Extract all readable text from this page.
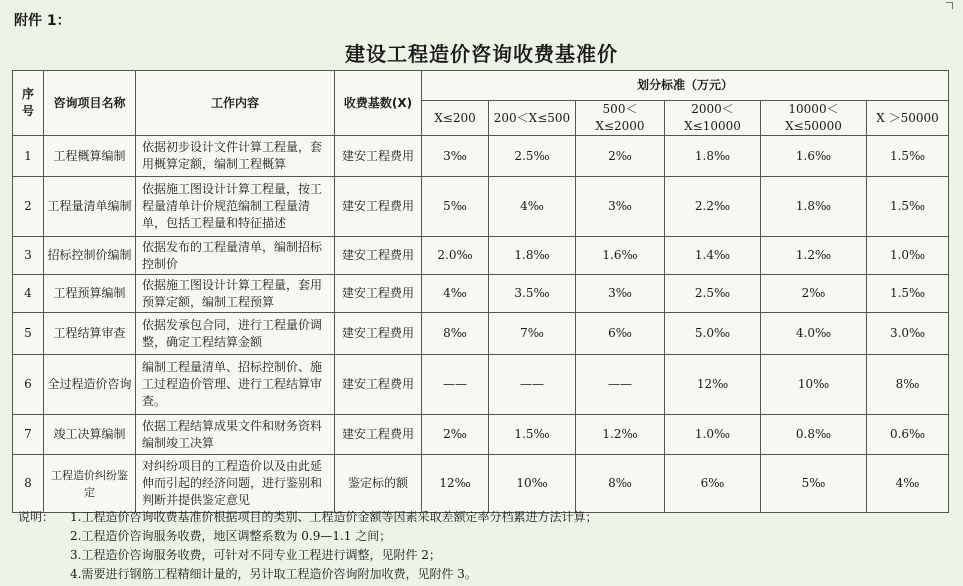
附件 1：
建设工程造价咨询收费基准价
序号	咨询项目名称	工作内容	收费基数(X)	划分标准（万元）					
				X≤200	200＜X≤500	500＜X≤2000	2000＜X≤10000	10000＜X≤50000	X ＞50000
1	工程概算编制	依据初步设计文件计算工程量，套用概算定额，编制工程概算	建安工程费用	3‰	2.5‰	2‰	1.8‰	1.6‰	1.5‰
2	工程量清单编制	依据施工图设计计算工程量，按工程量清单计价规范编制工程量清单，包括工程量和特征描述	建安工程费用	5‰	4‰	3‰	2.2‰	1.8‰	1.5‰
3	招标控制价编制	依据发布的工程量清单，编制招标控制价	建安工程费用	2.0‰	1.8‰	1.6‰	1.4‰	1.2‰	1.0‰
4	工程预算编制	依据施工图设计计算工程量，套用预算定额，编制工程预算	建安工程费用	4‰	3.5‰	3‰	2.5‰	2‰	1.5‰
5	工程结算审查	依据发承包合同，进行工程量价调整，确定工程结算金额	建安工程费用	8‰	7‰	6‰	5.0‰	4.0‰	3.0‰
6	全过程造价咨询	编制工程量清单、招标控制价、施工过程造价管理、进行工程结算审查。	建安工程费用	——	——	——	12‰	10‰	8‰
7	竣工决算编制	依据工程结算成果文件和财务资料编制竣工决算	建安工程费用	2‰	1.5‰	1.2‰	1.0‰	0.8‰	0.6‰
8	工程造价纠纷鉴定	对纠纷项目的工程造价以及由此延伸而引起的经济问题，进行鉴别和判断并提供鉴定意见	鉴定标的额	12‰	10‰	8‰	6‰	5‰	4‰
说明：	1.工程造价咨询收费基准价根据项目的类别、工程造价金额等因素采取差额定率分档累进方法计算；
2.工程造价咨询服务收费，地区调整系数为 0.9—1.1 之间；
3.工程造价咨询服务收费，可针对不同专业工程进行调整，见附件 2；
4.需要进行钢筋工程精细计量的，另计取工程造价咨询附加收费，见附件 3。
